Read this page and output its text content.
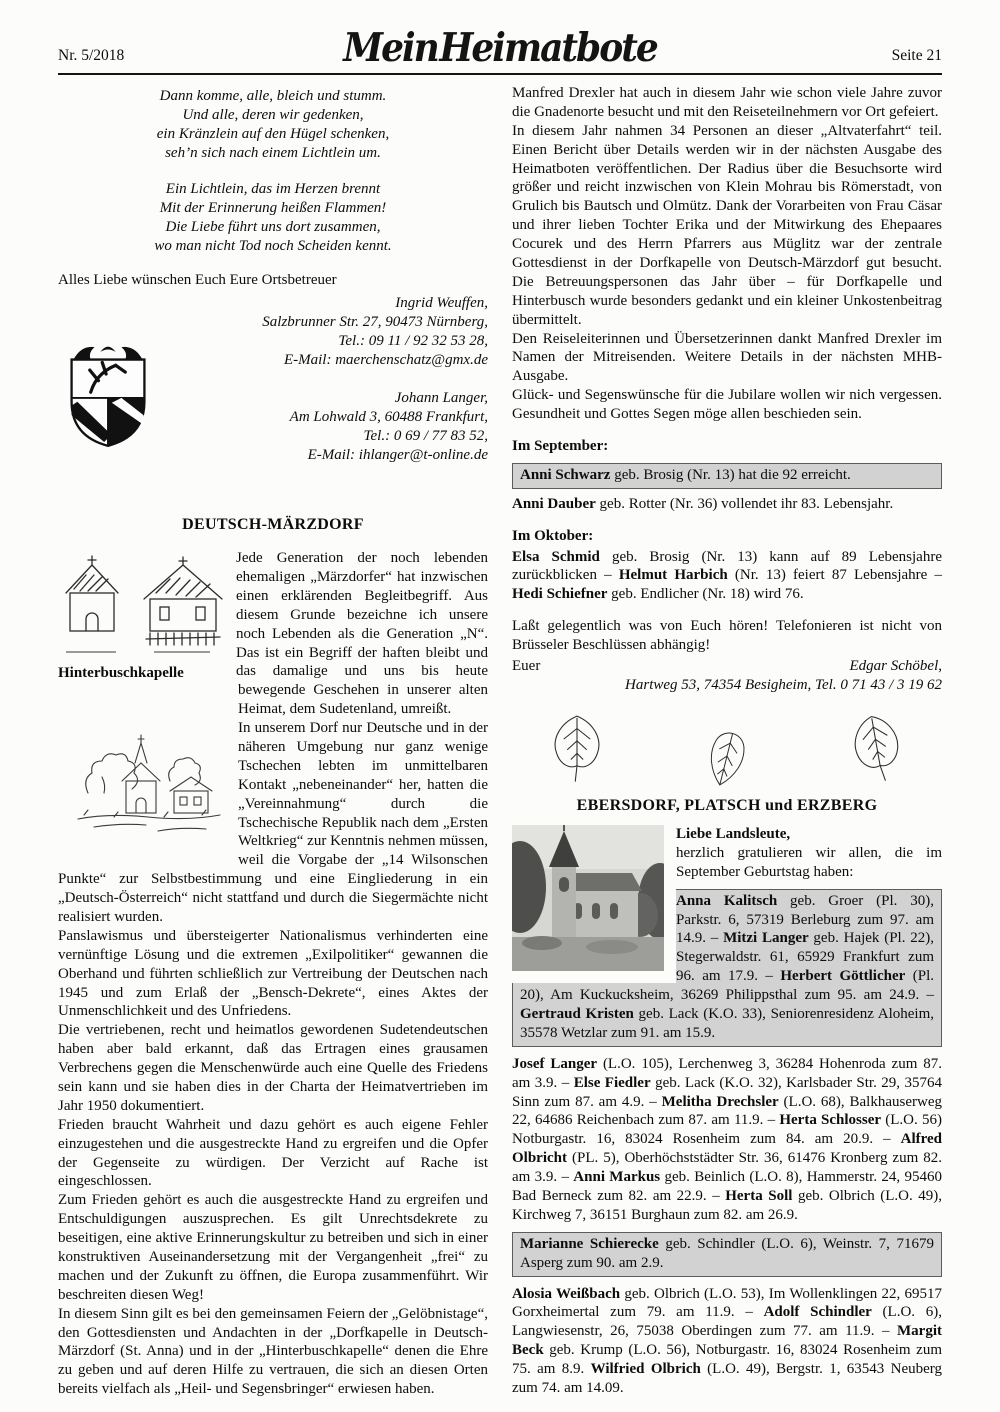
Nr. 5/2018	Mein Heimatbote	Seite 21
Dann komme, alle, bleich und stumm.
Und alle, deren wir gedenken,
ein Kränzlein auf den Hügel schenken,
seh’n sich nach einem Lichtlein um.
Ein Lichtlein, das im Herzen brennt
Mit der Erinnerung heißen Flammen!
Die Liebe führt uns dort zusammen,
wo man nicht Tod noch Scheiden kennt.

Alles Liebe wünschen Euch Eure Ortsbetreuer

Ingrid Weuffen,
Salzbrunner Str. 27, 90473 Nürnberg,
Tel.: 09 11 / 92 32 53 28,
E-Mail: maerchenschatz@gmx.de
Johann Langer,
Am Lohwald 3, 60488 Frankfurt,
Tel.: 0 69 / 77 83 52,
E-Mail: ihlanger@t-online.de
DEUTSCH-MÄRZDORF
Hinterbuschkapelle

Jede Generation der noch lebenden ehemaligen „Märzdorfer“ hat inzwischen einen erklärenden Begleitbegriff. Aus diesem Grunde bezeichne ich unsere noch Lebenden als die Generation „N“. Das ist ein Begriff der haften bleibt und das damalige und uns bis heute bewegende Geschehen in unserer alten Heimat, dem Sudetenland, umreißt.

In unserem Dorf nur Deutsche und in der näheren Umgebung nur ganz wenige Tschechen lebten im unmittelbaren Kontakt „nebeneinander“ her, hatten die „Vereinnahmung“ durch die Tschechische Republik nach dem „Ersten Weltkrieg“ zur Kenntnis nehmen müssen, weil die Vorgabe der „14 Wilsonschen Punkte“ zur Selbstbestimmung und eine Eingliederung in ein „Deutsch-Österreich“ nicht stattfand und durch die Siegermächte nicht realisiert wurden.

Panslawismus und übersteigerter Nationalismus verhinderten eine vernünftige Lösung und die extremen „Exilpolitiker“ gewannen die Oberhand und führten schließlich zur Vertreibung der Deutschen nach 1945 und zum Erlaß der „Bensch-Dekrete“, eines Aktes der Unmenschlichkeit und des Unfriedens.

Die vertriebenen, recht und heimatlos gewordenen Sudetendeutschen haben aber bald erkannt, daß das Ertragen eines grausamen Verbrechens gegen die Menschenwürde auch eine Quelle des Friedens sein kann und sie haben dies in der Charta der Heimatvertrieben im Jahr 1950 dokumentiert.

Frieden braucht Wahrheit und dazu gehört es auch eigene Fehler einzugestehen und die ausgestreckte Hand zu ergreifen und die Opfer der Gegenseite zu würdigen. Der Verzicht auf Rache ist eingeschlossen.

Zum Frieden gehört es auch die ausgestreckte Hand zu ergreifen und Entschuldigungen auszusprechen. Es gilt Unrechtsdekrete zu beseitigen, eine aktive Erinnerungskultur zu betreiben und sich in einer konstruktiven Auseinandersetzung mit der Vergangenheit „frei“ zu machen und der Zukunft zu öffnen, die Europa zusammenführt. Wir beschreiten diesen Weg!

In diesem Sinn gilt es bei den gemeinsamen Feiern der „Gelöbnistage“, den Gottesdiensten und Andachten in der „Dorfkapelle in Deutsch-Märzdorf (St. Anna) und in der „Hinterbuschkapelle“ denen die Ehre zu geben und auf deren Hilfe zu vertrauen, die sich an diesen Orten bereits vielfach als „Heil- und Segensbringer“ erwiesen haben.

Manfred Drexler hat auch in diesem Jahr wie schon viele Jahre zuvor die Gnadenorte besucht und mit den Reiseteilnehmern vor Ort gefeiert.

In diesem Jahr nahmen 34 Personen an dieser „Altvaterfahrt“ teil. Einen Bericht über Details werden wir in der nächsten Ausgabe des Heimatboten veröffentlichen. Der Radius über die Besuchsorte wird größer und reicht inzwischen von Klein Mohrau bis Römerstadt, von Grulich bis Bautsch und Olmütz. Dank der Vorarbeiten von Frau Cäsar und ihrer lieben Tochter Erika und der Mitwirkung des Ehepaares Cocurek und des Herrn Pfarrers aus Müglitz war der zentrale Gottesdienst in der Dorfkapelle von Deutsch-Märzdorf gut besucht. Die Betreuungspersonen das Jahr über – für Dorfkapelle und Hinterbusch wurde besonders gedankt und ein kleiner Unkostenbeitrag übermittelt.

Den Reiseleiterinnen und Übersetzerinnen dankt Manfred Drexler im Namen der Mitreisenden. Weitere Details in der nächsten MHB-Ausgabe.

Glück- und Segenswünsche für die Jubilare wollen wir nich vergessen. Gesundheit und Gottes Segen möge allen beschieden sein.

Im September:

Anni Schwarz geb. Brosig (Nr. 13) hat die 92 erreicht.

Anni Dauber geb. Rotter (Nr. 36) vollendet ihr 83. Lebensjahr.

Im Oktober:

Elsa Schmid geb. Brosig (Nr. 13) kann auf 89 Lebensjahre zurückblicken – Helmut Harbich (Nr. 13) feiert 87 Lebensjahre – Hedi Schiefner geb. Endlicher (Nr. 18) wird 76.

Laßt gelegentlich was von Euch hören! Telefonieren ist nicht von Brüsseler Beschlüssen abhängig!

Euer	Edgar Schöbel,
Hartweg 53, 74354 Besigheim, Tel. 0 71 43 / 3 19 62
EBERSDORF, PLATSCH und ERZBERG

Liebe Landsleute,

herzlich gratulieren wir allen, die im September Geburtstag haben:

Anna Kalitsch geb. Groer (Pl. 30), Parkstr. 6, 57319 Berleburg zum 97. am 14.9. – Mitzi Langer geb. Hajek (Pl. 22), Stegerwaldstr. 61, 65929 Frankfurt zum 96. am 17.9. – Herbert Göttlicher (Pl. 20), Am Kuckucksheim, 36269 Philippsthal zum 95. am 24.9. – Gertraud Kristen geb. Lack (K.O. 33), Seniorenresidenz Aloheim, 35578 Wetzlar zum 91. am 15.9.

Josef Langer (L.O. 105), Lerchenweg 3, 36284 Hohenroda zum 87. am 3.9. – Else Fiedler geb. Lack (K.O. 32), Karlsbader Str. 29, 35764 Sinn zum 87. am 4.9. – Melitha Drechsler (L.O. 68), Balkhauserweg 22, 64686 Reichenbach zum 87. am 11.9. – Herta Schlosser (L.O. 56) Notburgastr. 16, 83024 Rosenheim zum 84. am 20.9. – Alfred Olbricht (PL. 5), Oberhöchststädter Str. 36, 61476 Kronberg zum 82. am 3.9. – Anni Markus geb. Beinlich (L.O. 8), Hammerstr. 24, 95460 Bad Berneck zum 82. am 22.9. – Herta Soll geb. Olbrich (L.O. 49), Kirchweg 7, 36151 Burghaun zum 82. am 26.9.

Marianne Schierecke geb. Schindler (L.O. 6), Weinstr. 7, 71679 Asperg zum 90. am 2.9.

Alosia Weißbach geb. Olbrich (L.O. 53), Im Wollenklingen 22, 69517 Gorxheimertal zum 79. am 11.9. – Adolf Schindler (L.O. 6), Langwiesenstr, 26, 75038 Oberdingen zum 77. am 11.9. – Margit Beck geb. Krump (L.O. 56), Notburgastr. 16, 83024 Rosenheim zum 75. am 8.9. Wilfried Olbrich (L.O. 49), Bergstr. 1, 63543 Neuberg zum 74. am 14.09.
